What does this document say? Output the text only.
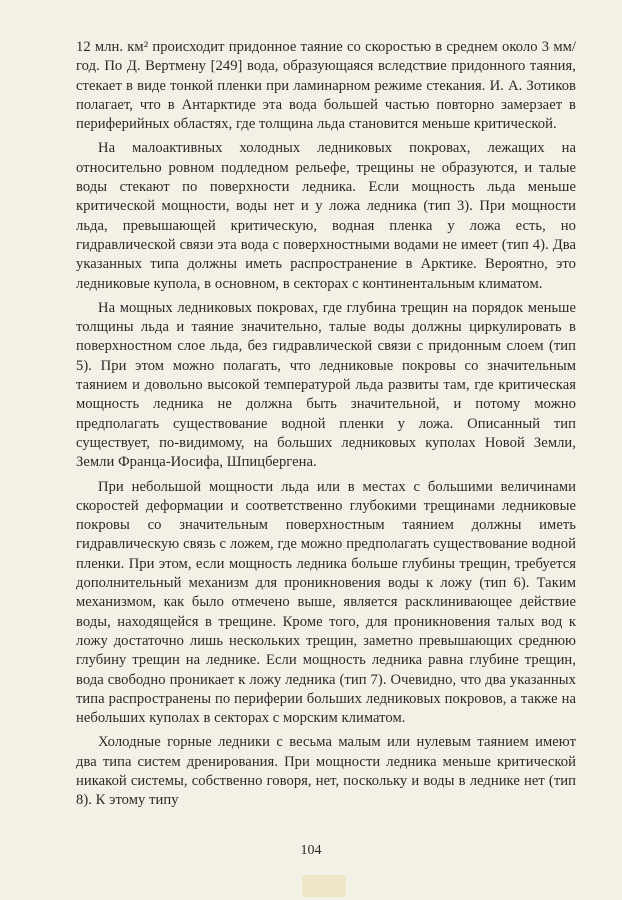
12 млн. км² происходит придонное таяние со скоростью в среднем около 3 мм/год. По Д. Вертмену [249] вода, образующаяся вследствие придонного таяния, стекает в виде тонкой пленки при ламинарном режиме стекания. И. А. Зотиков полагает, что в Антарктиде эта вода большей частью повторно замерзает в периферийных областях, где толщина льда становится меньше критической.

На малоактивных холодных ледниковых покровах, лежащих на относительно ровном подледном рельефе, трещины не образуются, и талые воды стекают по поверхности ледника. Если мощность льда меньше критической мощности, воды нет и у ложа ледника (тип 3). При мощности льда, превышающей критическую, водная пленка у ложа есть, но гидравлической связи эта вода с поверхностными водами не имеет (тип 4). Два указанных типа должны иметь распространение в Арктике. Вероятно, это ледниковые купола, в основном, в секторах с континентальным климатом.

На мощных ледниковых покровах, где глубина трещин на порядок меньше толщины льда и таяние значительно, талые воды должны циркулировать в поверхностном слое льда, без гидравлической связи с придонным слоем (тип 5). При этом можно полагать, что ледниковые покровы со значительным таянием и довольно высокой температурой льда развиты там, где критическая мощность ледника не должна быть значительной, и потому можно предполагать существование водной пленки у ложа. Описанный тип существует, по-видимому, на больших ледниковых куполах Новой Земли, Земли Франца-Иосифа, Шпицбергена.

При небольшой мощности льда или в местах с большими величинами скоростей деформации и соответственно глубокими трещинами ледниковые покровы со значительным поверхностным таянием должны иметь гидравлическую связь с ложем, где можно предполагать существование водной пленки. При этом, если мощность ледника больше глубины трещин, требуется дополнительный механизм для проникновения воды к ложу (тип 6). Таким механизмом, как было отмечено выше, является расклинивающее действие воды, находящейся в трещине. Кроме того, для проникновения талых вод к ложу достаточно лишь нескольких трещин, заметно превышающих среднюю глубину трещин на леднике. Если мощность ледника равна глубине трещин, вода свободно проникает к ложу ледника (тип 7). Очевидно, что два указанных типа распространены по периферии больших ледниковых покровов, а также на небольших куполах в секторах с морским климатом.

Холодные горные ледники с весьма малым или нулевым таянием имеют два типа систем дренирования. При мощности ледника меньше критической никакой системы, собственно говоря, нет, поскольку и воды в леднике нет (тип 8). К этому типу

104
